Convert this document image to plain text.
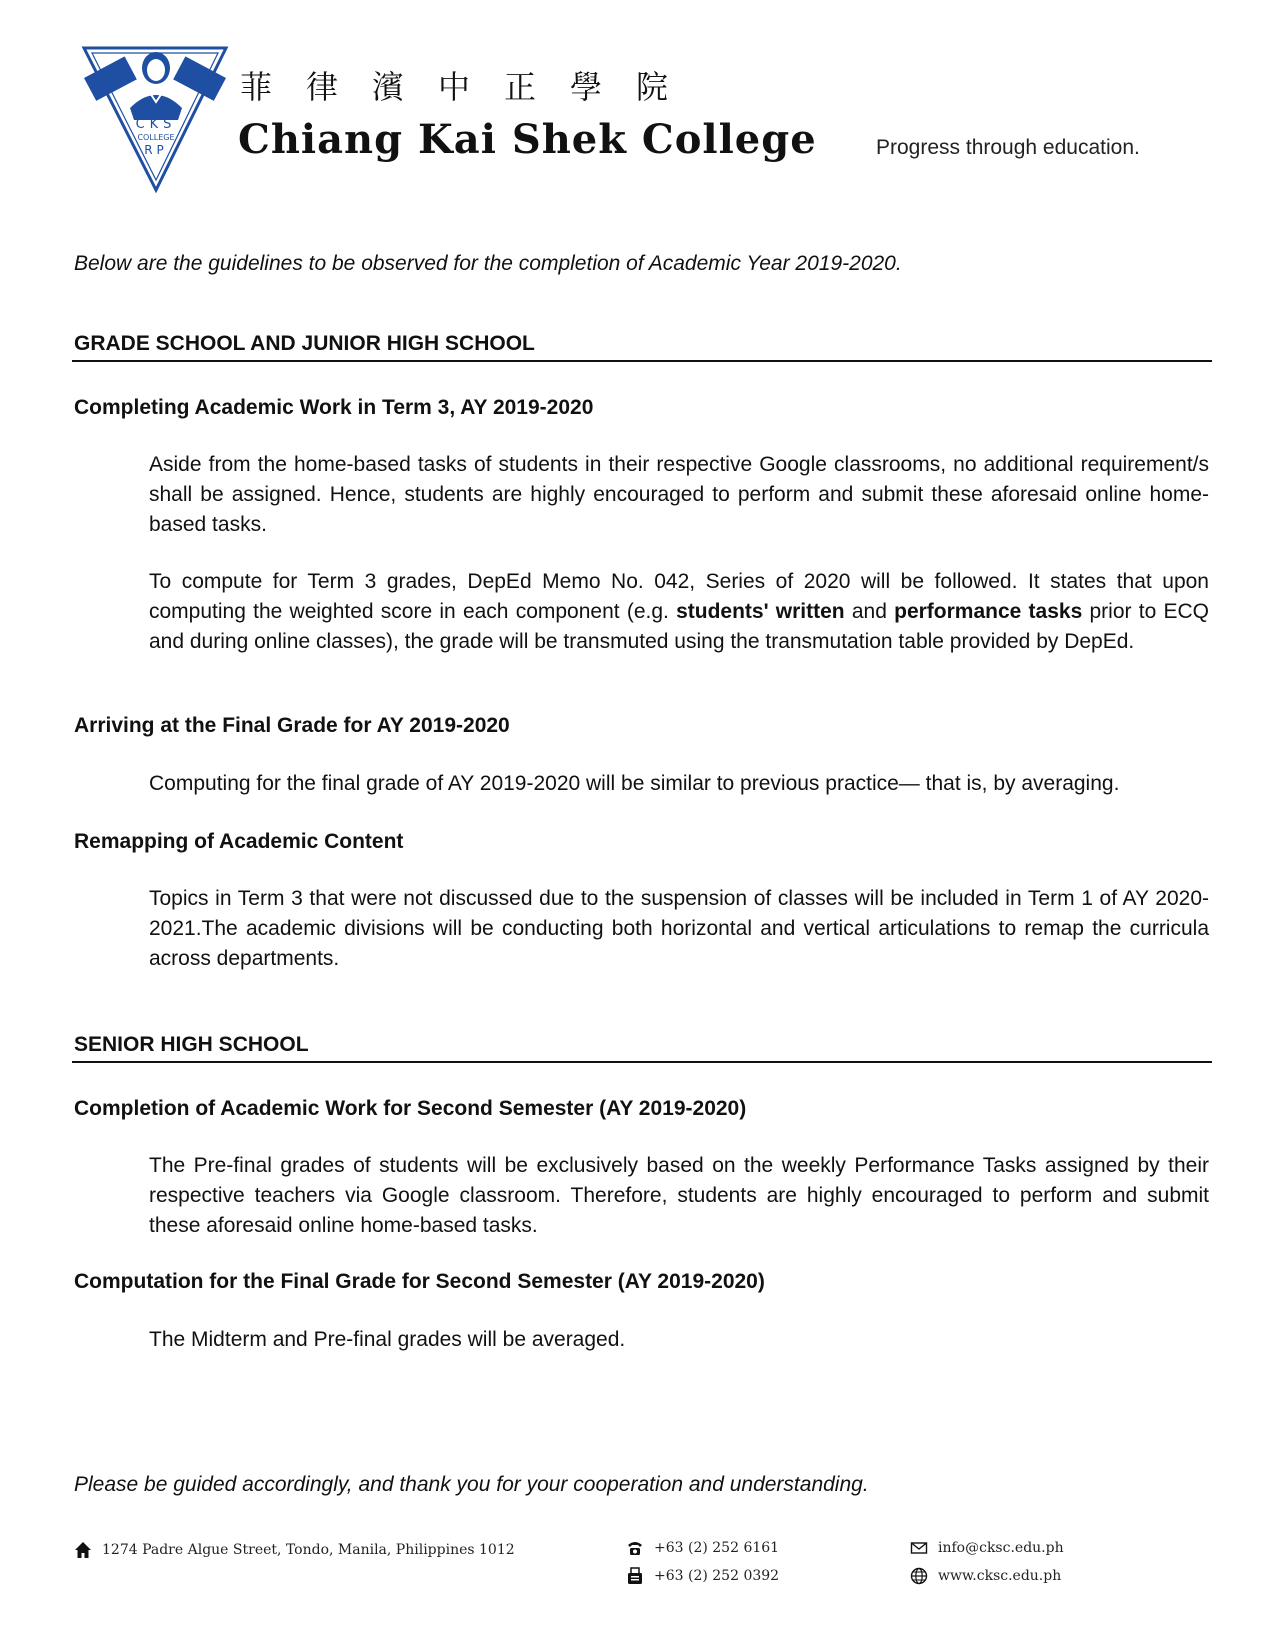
CKS
COLLEGE
RP
菲律濱中正學院
Chiang Kai Shek College	Progress through education.
Below are the guidelines to be observed for the completion of Academic Year 2019-2020.
GRADE SCHOOL AND JUNIOR HIGH SCHOOL
Completing Academic Work in Term 3, AY 2019-2020
Aside from the home-based tasks of students in their respective Google classrooms, no additional requirement/s shall be assigned. Hence, students are highly encouraged to perform and submit these aforesaid online home-based tasks.
To compute for Term 3 grades, DepEd Memo No. 042, Series of 2020 will be followed. It states that upon computing the weighted score in each component (e.g. students' written and performance tasks prior to ECQ and during online classes), the grade will be transmuted using the transmutation table provided by DepEd.
Arriving at the Final Grade for AY 2019-2020
Computing for the final grade of AY 2019-2020 will be similar to previous practice— that is, by averaging.
Remapping of Academic Content
Topics in Term 3 that were not discussed due to the suspension of classes will be included in Term 1 of AY 2020-2021.The academic divisions will be conducting both horizontal and vertical articulations to remap the curricula across departments.
SENIOR HIGH SCHOOL
Completion of Academic Work for Second Semester (AY 2019-2020)
The Pre-final grades of students will be exclusively based on the weekly Performance Tasks assigned by their respective teachers via Google classroom. Therefore, students are highly encouraged to perform and submit these aforesaid online home-based tasks.
Computation for the Final Grade for Second Semester (AY 2019-2020)
The Midterm and Pre-final grades will be averaged.
Please be guided accordingly, and thank you for your cooperation and understanding.
1274 Padre Algue Street, Tondo, Manila, Philippines 1012	+63 (2) 252 6161
+63 (2) 252 0392
info@cksc.edu.ph
www.cksc.edu.ph
